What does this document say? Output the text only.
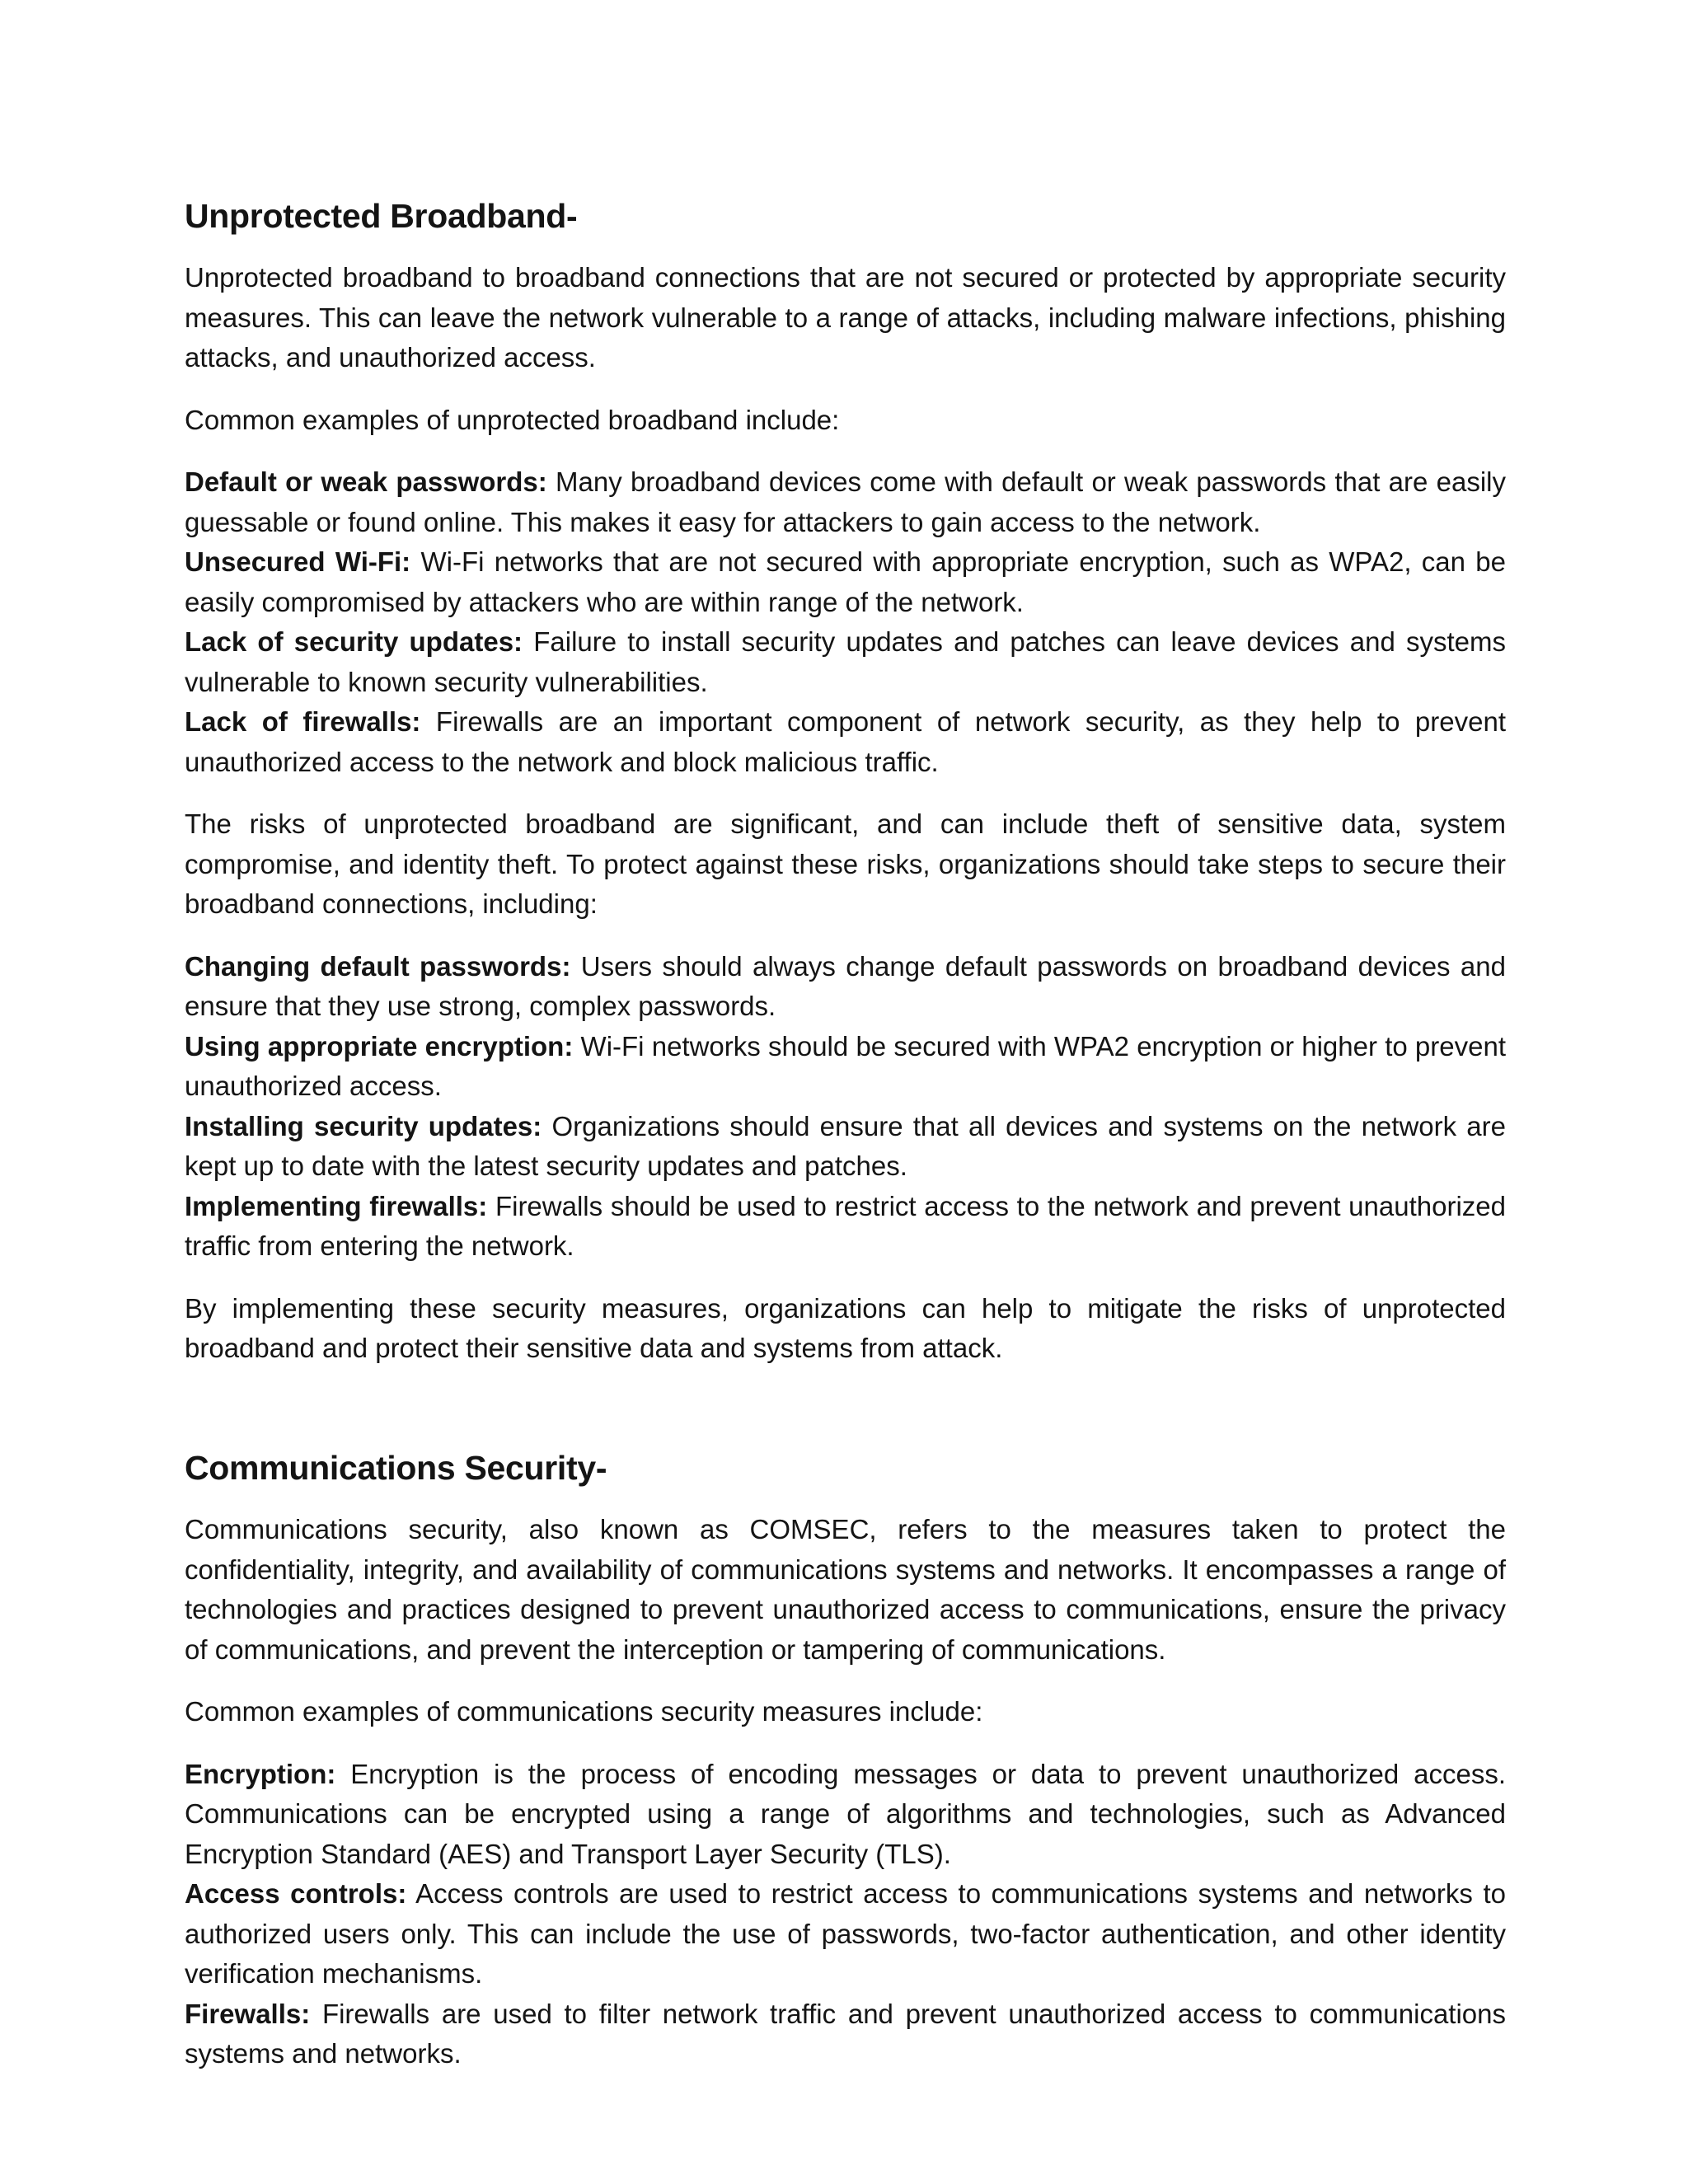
Unprotected Broadband-

Unprotected broadband to broadband connections that are not secured or protected by appropriate security measures. This can leave the network vulnerable to a range of attacks, including malware infections, phishing attacks, and unauthorized access.

Common examples of unprotected broadband include:

Default or weak passwords: Many broadband devices come with default or weak passwords that are easily guessable or found online. This makes it easy for attackers to gain access to the network.

Unsecured Wi-Fi: Wi-Fi networks that are not secured with appropriate encryption, such as WPA2, can be easily compromised by attackers who are within range of the network.

Lack of security updates: Failure to install security updates and patches can leave devices and systems vulnerable to known security vulnerabilities.

Lack of firewalls: Firewalls are an important component of network security, as they help to prevent unauthorized access to the network and block malicious traffic.

The risks of unprotected broadband are significant, and can include theft of sensitive data, system compromise, and identity theft. To protect against these risks, organizations should take steps to secure their broadband connections, including:

Changing default passwords: Users should always change default passwords on broadband devices and ensure that they use strong, complex passwords.

Using appropriate encryption: Wi-Fi networks should be secured with WPA2 encryption or higher to prevent unauthorized access.

Installing security updates: Organizations should ensure that all devices and systems on the network are kept up to date with the latest security updates and patches.

Implementing firewalls: Firewalls should be used to restrict access to the network and prevent unauthorized traffic from entering the network.

By implementing these security measures, organizations can help to mitigate the risks of unprotected broadband and protect their sensitive data and systems from attack.

Communications Security-

Communications security, also known as COMSEC, refers to the measures taken to protect the confidentiality, integrity, and availability of communications systems and networks. It encompasses a range of technologies and practices designed to prevent unauthorized access to communications, ensure the privacy of communications, and prevent the interception or tampering of communications.

Common examples of communications security measures include:

Encryption: Encryption is the process of encoding messages or data to prevent unauthorized access. Communications can be encrypted using a range of algorithms and technologies, such as Advanced Encryption Standard (AES) and Transport Layer Security (TLS).

Access controls: Access controls are used to restrict access to communications systems and networks to authorized users only. This can include the use of passwords, two-factor authentication, and other identity verification mechanisms.

Firewalls: Firewalls are used to filter network traffic and prevent unauthorized access to communications systems and networks.
